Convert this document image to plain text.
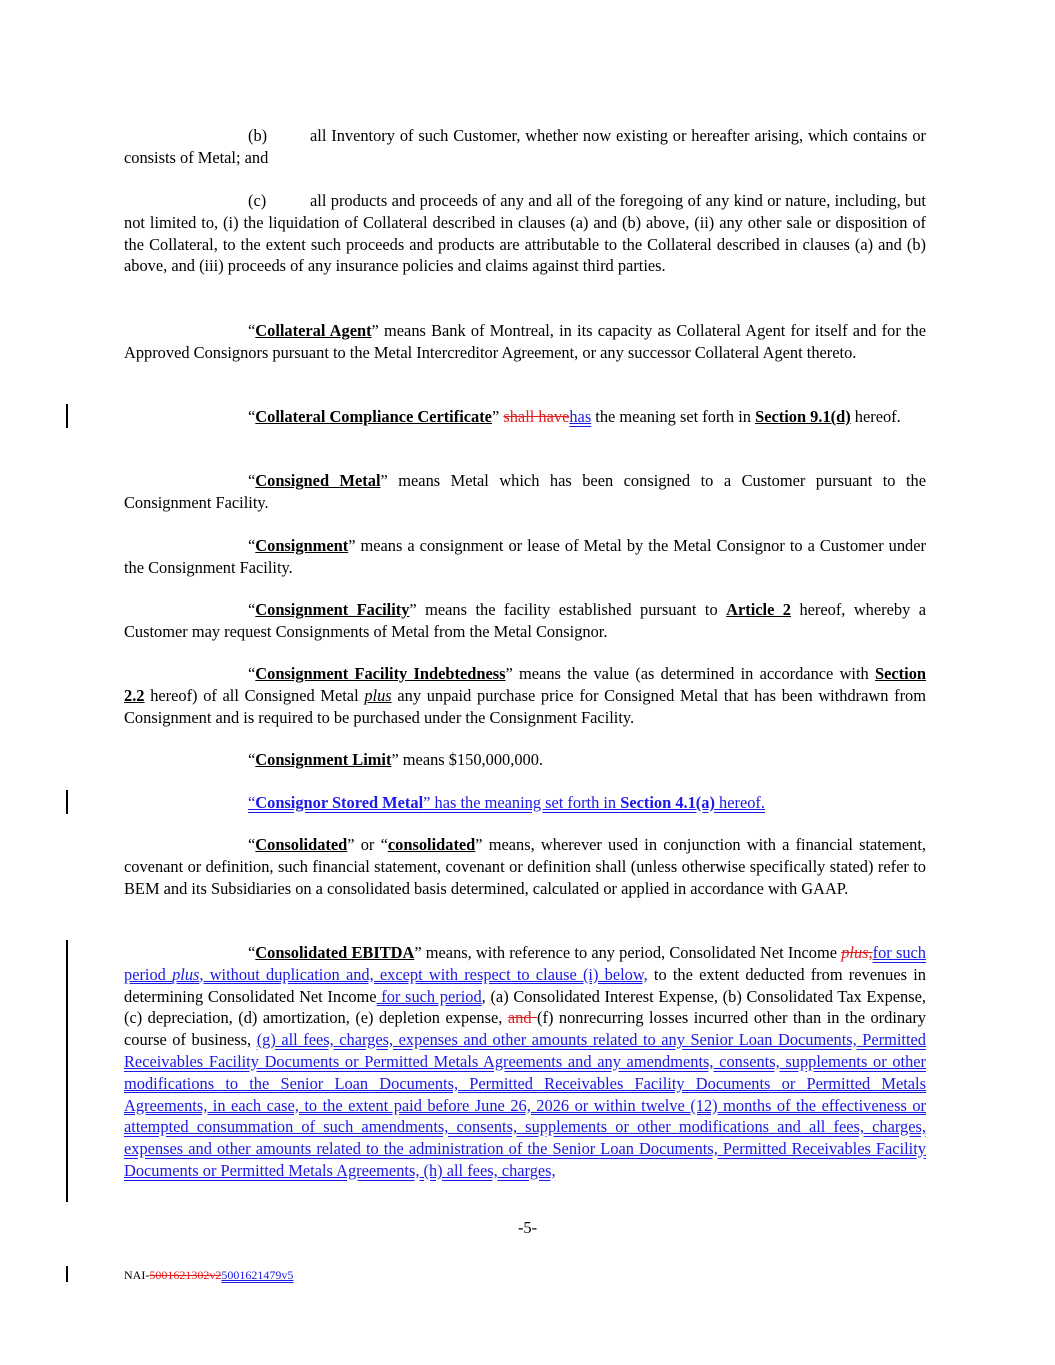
(b)	all Inventory of such Customer, whether now existing or hereafter arising, which contains or consists of Metal; and
(c)	all products and proceeds of any and all of the foregoing of any kind or nature, including, but not limited to, (i) the liquidation of Collateral described in clauses (a) and (b) above, (ii) any other sale or disposition of the Collateral, to the extent such proceeds and products are attributable to the Collateral described in clauses (a) and (b) above, and (iii) proceeds of any insurance policies and claims against third parties.
“Collateral Agent” means Bank of Montreal, in its capacity as Collateral Agent for itself and for the Approved Consignors pursuant to the Metal Intercreditor Agreement, or any successor Collateral Agent thereto.
“Collateral Compliance Certificate” shall havehas the meaning set forth in Section 9.1(d) hereof.
“Consigned Metal” means Metal which has been consigned to a Customer pursuant to the Consignment Facility.
“Consignment” means a consignment or lease of Metal by the Metal Consignor to a Customer under the Consignment Facility.
“Consignment Facility” means the facility established pursuant to Article 2 hereof, whereby a Customer may request Consignments of Metal from the Metal Consignor.
“Consignment Facility Indebtedness” means the value (as determined in accordance with Section 2.2 hereof) of all Consigned Metal plus any unpaid purchase price for Consigned Metal that has been withdrawn from Consignment and is required to be purchased under the Consignment Facility.
“Consignment Limit” means $150,000,000.
“Consignor Stored Metal” has the meaning set forth in Section 4.1(a) hereof.
“Consolidated” or “consolidated” means, wherever used in conjunction with a financial statement, covenant or definition, such financial statement, covenant or definition shall (unless otherwise specifically stated) refer to BEM and its Subsidiaries on a consolidated basis determined, calculated or applied in accordance with GAAP.
“Consolidated EBITDA” means, with reference to any period, Consolidated Net Income plus,for such period plus, without duplication and, except with respect to clause (i) below, to the extent deducted from revenues in determining Consolidated Net Income for such period, (a) Consolidated Interest Expense, (b) Consolidated Tax Expense, (c) depreciation, (d) amortization, (e) depletion expense, and (f) nonrecurring losses incurred other than in the ordinary course of business, (g) all fees, charges, expenses and other amounts related to any Senior Loan Documents, Permitted Receivables Facility Documents or Permitted Metals Agreements and any amendments, consents, supplements or other modifications to the Senior Loan Documents, Permitted Receivables Facility Documents or Permitted Metals Agreements, in each case, to the extent paid before June 26, 2026 or within twelve (12) months of the effectiveness or attempted consummation of such amendments, consents, supplements or other modifications and all fees, charges, expenses and other amounts related to the administration of the Senior Loan Documents, Permitted Receivables Facility Documents or Permitted Metals Agreements, (h) all fees, charges,
-5-
NAI-5001621302v25001621479v5
